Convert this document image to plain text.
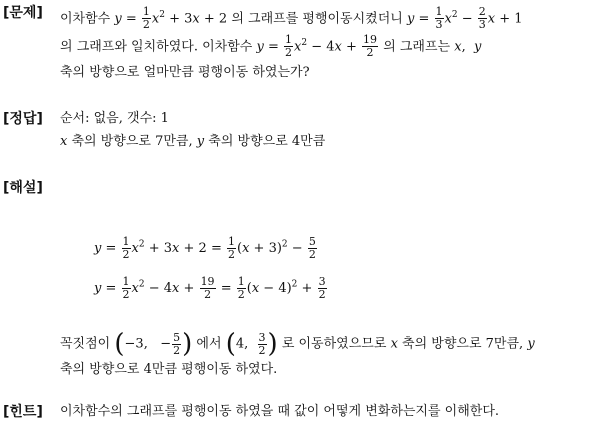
[문제] 이차함수 $y = \frac{1}{2} x^2 + 3x + 2$ 의 그래프를 평행이동시켰더니 $y = \frac{1}{3} x^2 - \frac{2}{3}$ x + 1
의 그래프와 일치하였다. 이차함수 $y = \frac{1}{2} x^2 - 4x + \frac{19}{2}$ 의 그래프는 x,  y
축의 방향으로 얼마만큼 평행이동 하였는가?
[정답] 순서: 없음, 갯수: 1
x 축의 방향으로 7만큼, y 축의 방향으로 4만큼
[해설]
$y = \frac{1}{2} x^2 + 3x + 2 = \frac{1}{2} (x + 3)^2 - \frac{5}{2}$
$y = \frac{1}{2} x^2 - 4x + \frac{19}{2} = \frac{1}{2} (x - 4)^2 + \frac{3}{2}$
꼭짓점이 (−3,   − $\frac{5}{2}$ ) 에서 (4, $\frac{3}{2}$ ) 로 이동하였으므로 x 축의 방향으로 7만큼, y
축의 방향으로 4만큼 평행이동 하였다.
[힌트] 이차함수의 그래프를 평행이동 하였을 때 값이 어떻게 변화하는지를 이해한다.
